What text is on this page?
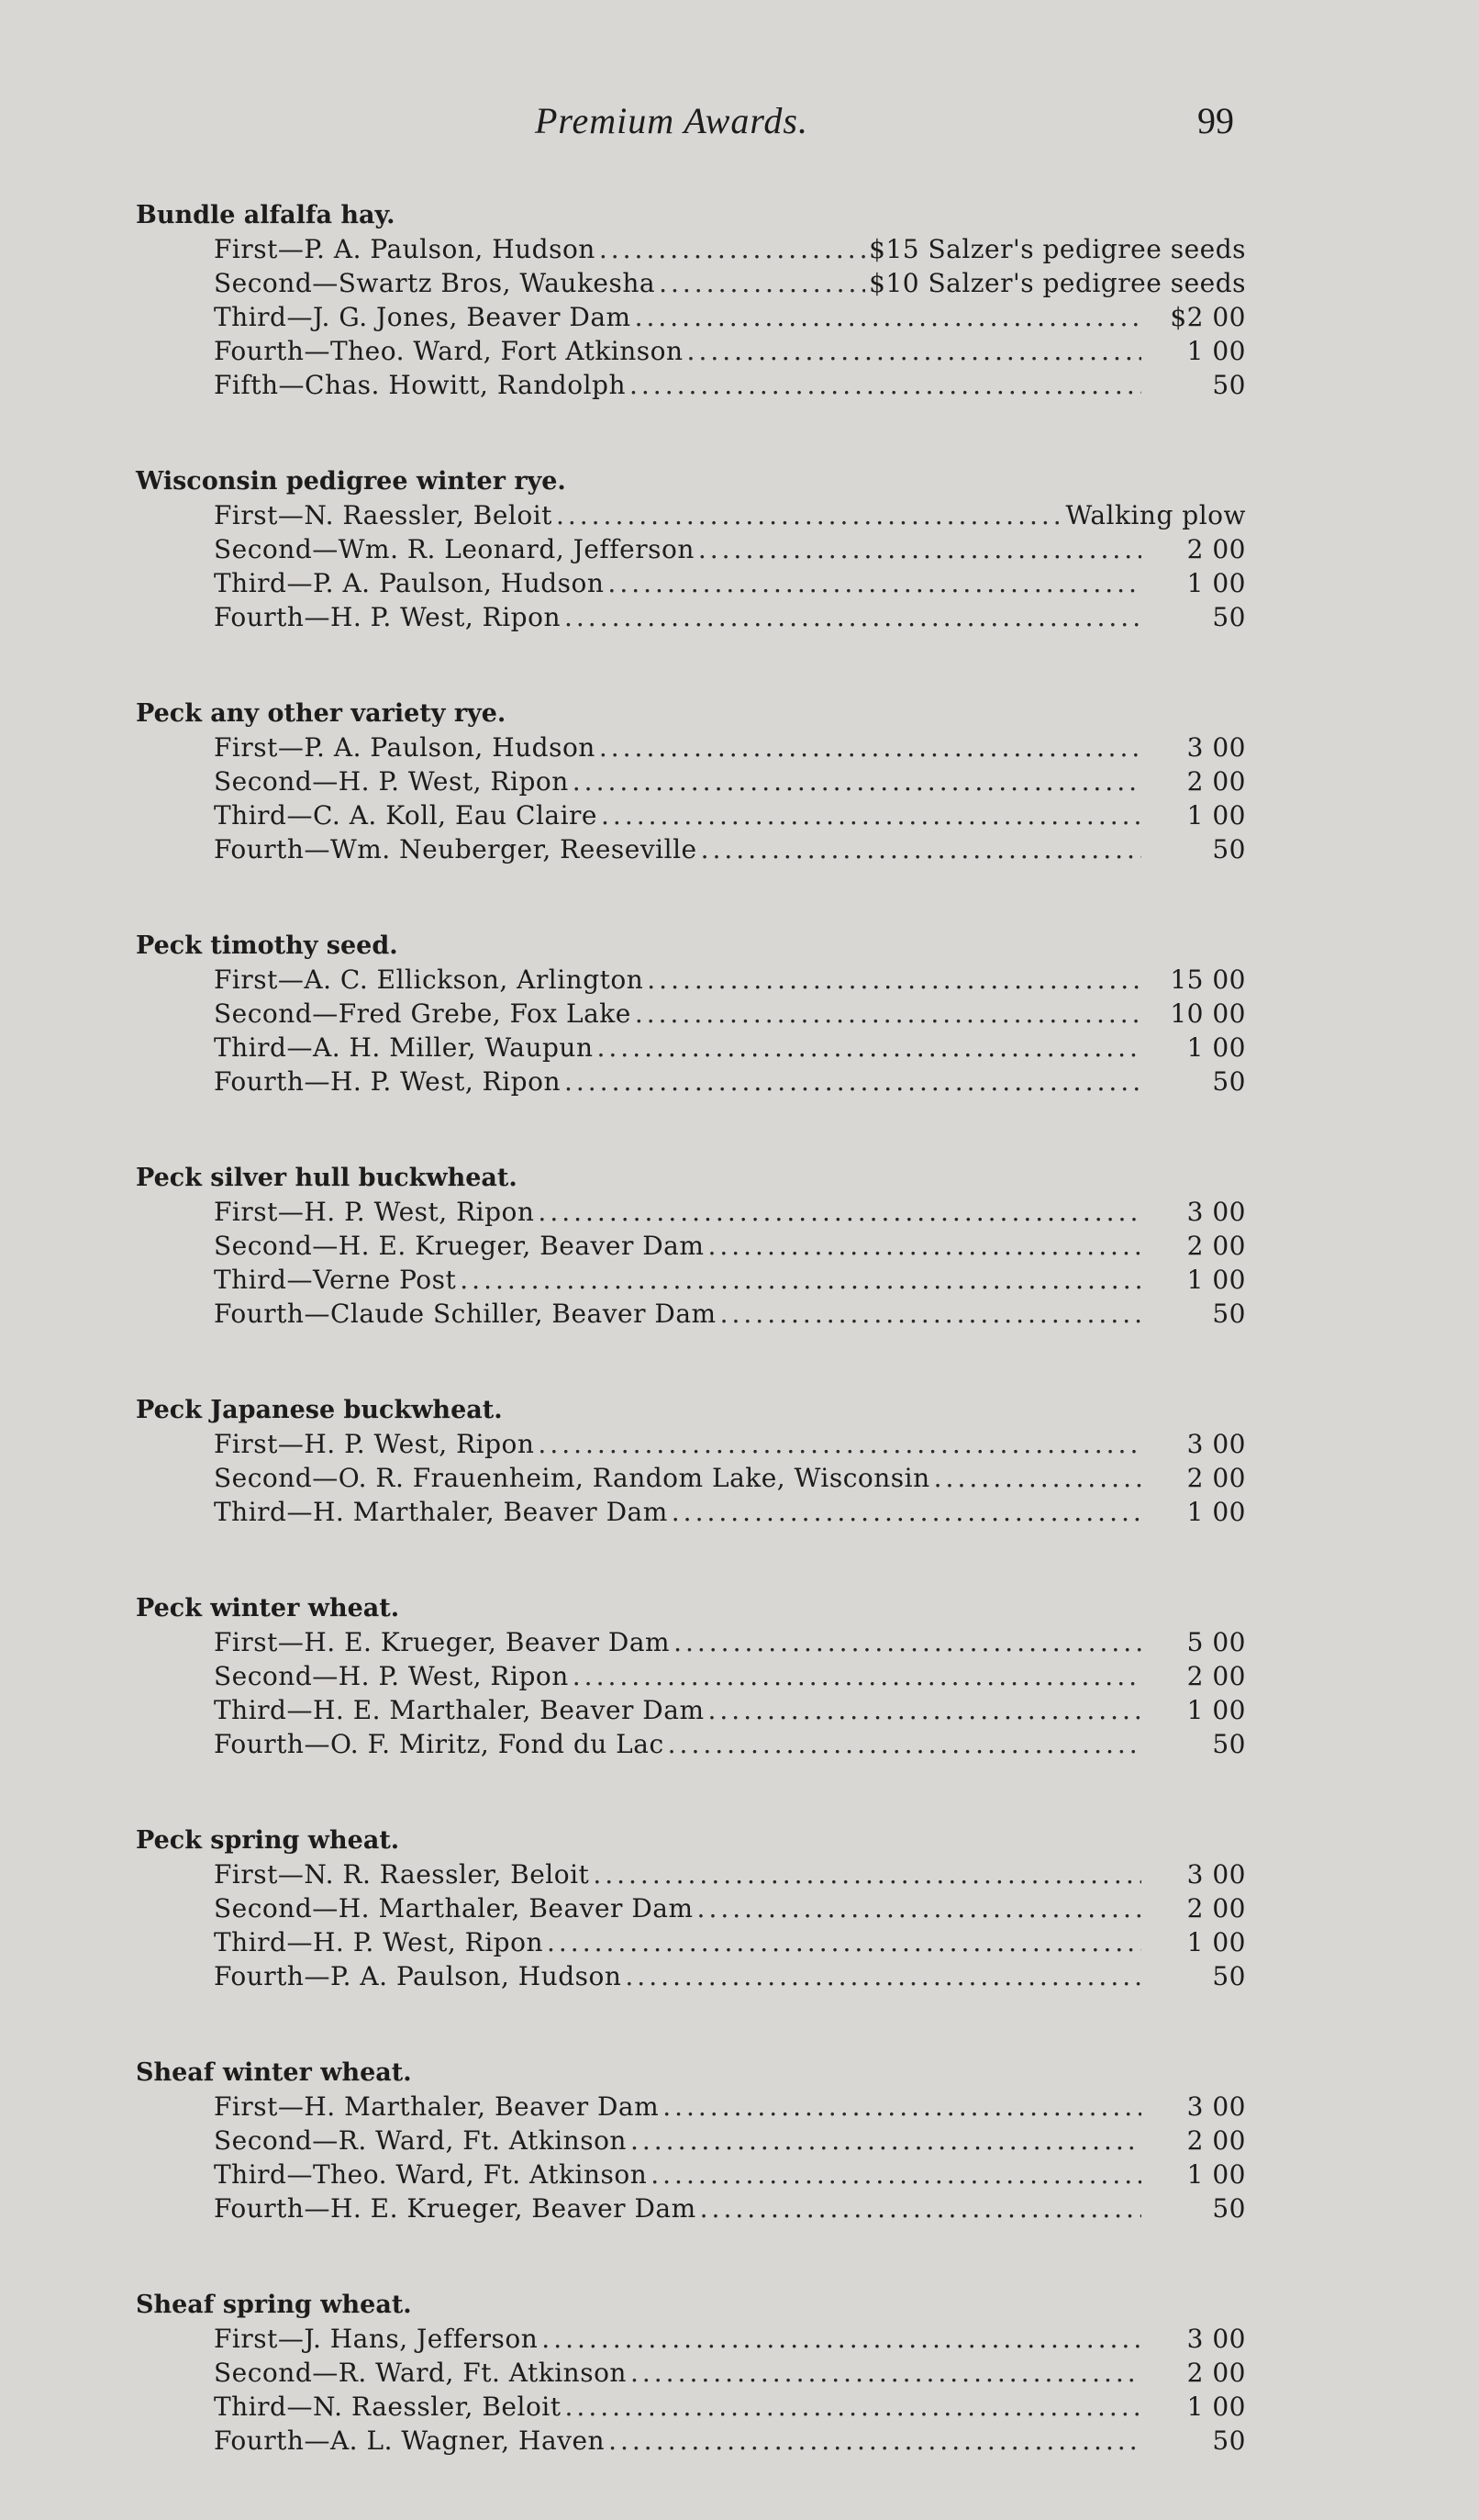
Premium Awards.	99
Bundle alfalfa hay.
First—P. A. Paulson, Hudson .....	$15 Salzer's pedigree seeds
Second—Swartz Bros, Waukesha .....	$10 Salzer's pedigree seeds
Third—J. G. Jones, Beaver Dam .....	$2 00
Fourth—Theo. Ward, Fort Atkinson .....	1 00
Fifth—Chas. Howitt, Randolph .....	50
Wisconsin pedigree winter rye.
First—N. Raessler, Beloit .....	Walking plow
Second—Wm. R. Leonard, Jefferson .....	2 00
Third—P. A. Paulson, Hudson .....	1 00
Fourth—H. P. West, Ripon .....	50
Peck any other variety rye.
First—P. A. Paulson, Hudson .....	3 00
Second—H. P. West, Ripon .....	2 00
Third—C. A. Koll, Eau Claire .....	1 00
Fourth—Wm. Neuberger, Reeseville .....	50
Peck timothy seed.
First—A. C. Ellickson, Arlington .....	15 00
Second—Fred Grebe, Fox Lake .....	10 00
Third—A. H. Miller, Waupun .....	1 00
Fourth—H. P. West, Ripon .....	50
Peck silver hull buckwheat.
First—H. P. West, Ripon .....	3 00
Second—H. E. Krueger, Beaver Dam .....	2 00
Third—Verne Post .....	1 00
Fourth—Claude Schiller, Beaver Dam .....	50
Peck Japanese buckwheat.
First—H. P. West, Ripon .....	3 00
Second—O. R. Frauenheim, Random Lake, Wisconsin .....	2 00
Third—H. Marthaler, Beaver Dam .....	1 00
Peck winter wheat.
First—H. E. Krueger, Beaver Dam .....	5 00
Second—H. P. West, Ripon .....	2 00
Third—H. E. Marthaler, Beaver Dam .....	1 00
Fourth—O. F. Miritz, Fond du Lac .....	50
Peck spring wheat.
First—N. R. Raessler, Beloit .....	3 00
Second—H. Marthaler, Beaver Dam .....	2 00
Third—H. P. West, Ripon .....	1 00
Fourth—P. A. Paulson, Hudson .....	50
Sheaf winter wheat.
First—H. Marthaler, Beaver Dam .....	3 00
Second—R. Ward, Ft. Atkinson .....	2 00
Third—Theo. Ward, Ft. Atkinson .....	1 00
Fourth—H. E. Krueger, Beaver Dam .....	50
Sheaf spring wheat.
First—J. Hans, Jefferson .....	3 00
Second—R. Ward, Ft. Atkinson .....	2 00
Third—N. Raessler, Beloit .....	1 00
Fourth—A. L. Wagner, Haven .....	50
